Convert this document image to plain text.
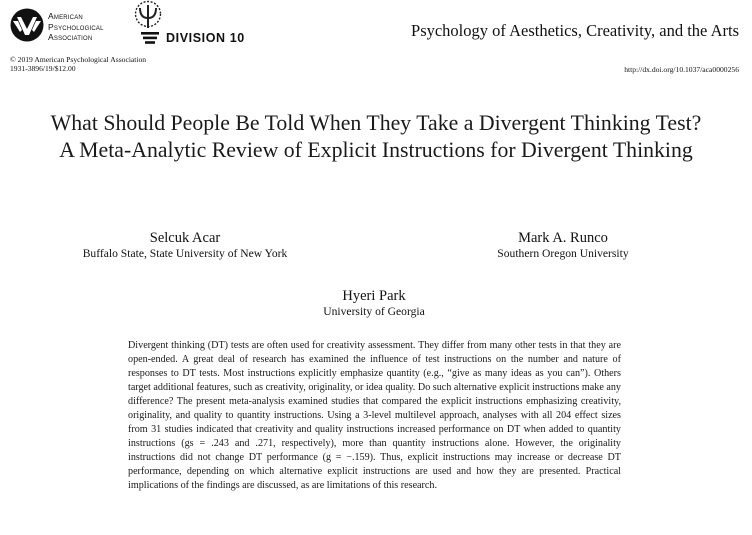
American
Psychological
Association	DIVISION 10	Psychology of Aesthetics, Creativity, and the Arts
© 2019 American Psychological Association
1931-3896/19/$12.00	http://dx.doi.org/10.1037/aca0000256
What Should People Be Told When They Take a Divergent Thinking Test?
A Meta-Analytic Review of Explicit Instructions for Divergent Thinking
Selcuk Acar
Buffalo State, State University of New York
Mark A. Runco
Southern Oregon University
Hyeri Park
University of Georgia
Divergent thinking (DT) tests are often used for creativity assessment. They differ from many other tests in that they are open-ended. A great deal of research has examined the influence of test instructions on the number and nature of responses to DT tests. Most instructions explicitly emphasize quantity (e.g., “give as many ideas as you can”). Others target additional features, such as creativity, originality, or idea quality. Do such alternative explicit instructions make any difference? The present meta-analysis examined studies that compared the explicit instructions emphasizing creativity, originality, and quality to quantity instructions. Using a 3-level multilevel approach, analyses with all 204 effect sizes from 31 studies indicated that creativity and quality instructions increased performance on DT when added to quantity instructions (gs = .243 and .271, respectively), more than quantity instructions alone. However, the originality instructions did not change DT performance (g = −.159). Thus, explicit instructions may increase or decrease DT performance, depending on which alternative explicit instructions are used and how they are presented. Practical implications of the findings are discussed, as are limitations of this research.
